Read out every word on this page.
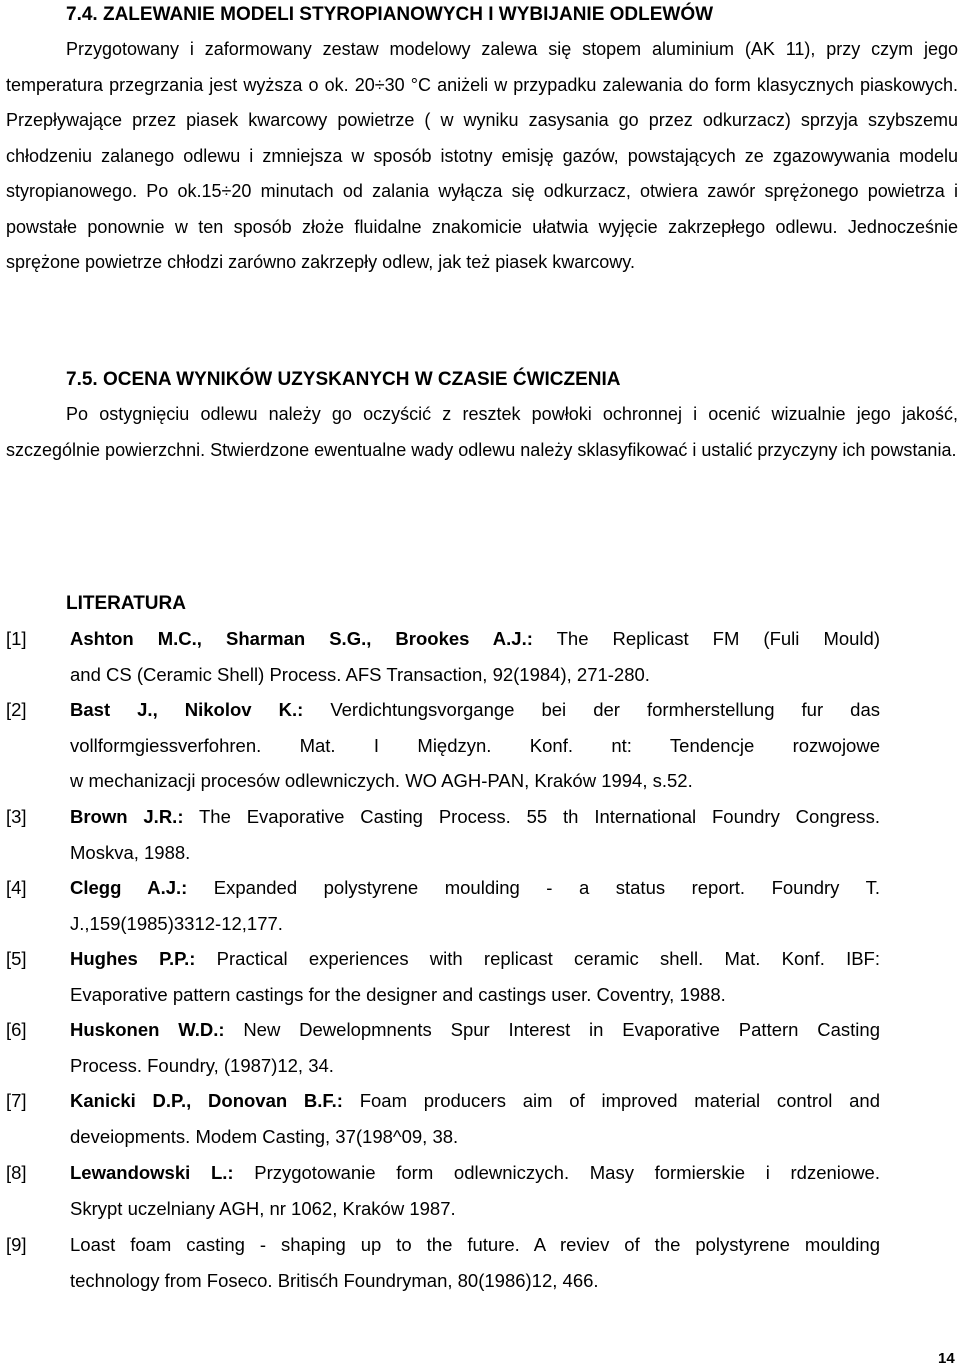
7.4. ZALEWANIE MODELI STYROPIANOWYCH I WYBIJANIE ODLEWÓW

Przygotowany i zaformowany zestaw modelowy zalewa się stopem aluminium (AK 11), przy czym jego temperatura przegrzania jest wyższa o ok. 20÷30 °C aniżeli w przypadku zalewania do form klasycznych piaskowych. Przepływające przez piasek kwarcowy powietrze ( w wyniku zasysania go przez odkurzacz) sprzyja szybszemu chłodzeniu zalanego odlewu i zmniejsza w sposób istotny emisję gazów, powstających ze zgazowywania modelu styropianowego. Po ok.15÷20 minutach od zalania wyłącza się odkurzacz, otwiera zawór sprężonego powietrza i powstałe ponownie w ten sposób złoże fluidalne znakomicie ułatwia wyjęcie zakrzepłego odlewu. Jednocześnie sprężone powietrze chłodzi zarówno zakrzepły odlew, jak też piasek kwarcowy.

7.5. OCENA WYNIKÓW UZYSKANYCH W CZASIE ĆWICZENIA

Po ostygnięciu odlewu należy go oczyścić z resztek powłoki ochronnej i ocenić wizualnie jego jakość, szczególnie powierzchni. Stwierdzone ewentualne wady odlewu należy sklasyfikować i ustalić przyczyny ich powstania.

LITERATURA
[1] Ashton M.C., Sharman S.G., Brookes A.J.: The Replicast FM (Fuli Mould)
and CS (Ceramic Shell) Process. AFS Transaction, 92(1984), 271-280.
[2] Bast J., Nikolov K.: Verdichtungsvorgange bei der formherstellung fur das
vollformgiessverfohren. Mat. I Międzyn. Konf. nt: Tendencje rozwojowe
w mechanizacji procesów odlewniczych. WO AGH-PAN, Kraków 1994, s.52.
[3] Brown J.R.: The Evaporative Casting Process. 55 th International Foundry Congress.
Moskva, 1988.
[4] Clegg A.J.: Expanded polystyrene moulding - a status report. Foundry T.
J.,159(1985)3312-12,177.
[5] Hughes P.P.: Practical experiences with replicast ceramic shell. Mat. Konf. IBF:
Evaporative pattern castings for the designer and castings user. Coventry, 1988.
[6] Huskonen W.D.: New Dewelopmnents Spur Interest in Evaporative Pattern Casting
Process. Foundry, (1987)12, 34.
[7] Kanicki D.P., Donovan B.F.: Foam producers aim of improved material control and
deveiopments. Modem Casting, 37(198^09, 38.
[8] Lewandowski L.: Przygotowanie form odlewniczych. Masy formierskie i rdzeniowe.
Skrypt uczelniany AGH, nr 1062, Kraków 1987.
[9] Loast foam casting - shaping up to the future. A reviev of the polystyrene moulding
technology from Foseco. Britisćh Foundryman, 80(1986)12, 466.

14
